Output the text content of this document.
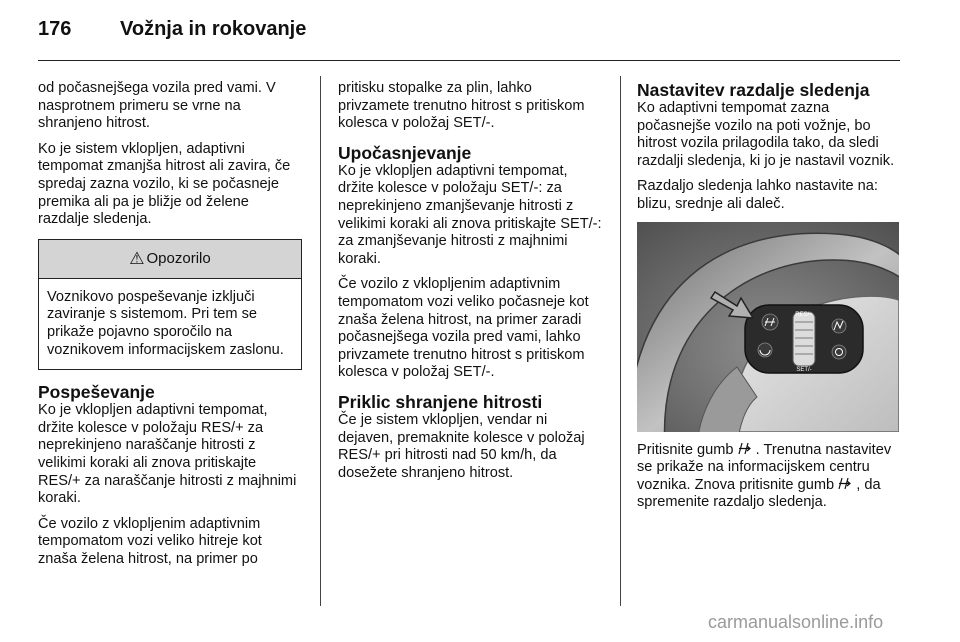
176 Vožnja in rokovanje

od počasnejšega vozila pred vami. V nasprotnem primeru se vrne na shranjeno hitrost.

Ko je sistem vklopljen, adaptivni tempomat zmanjša hitrost ali zavira, če spredaj zazna vozilo, ki se počasneje premika ali pa je bližje od želene razdalje sledenja.

⚠ Opozorilo
Voznikovo pospeševanje izključi zaviranje s sistemom. Pri tem se prikaže pojavno sporočilo na voznikovem informacijskem zaslonu.
Pospeševanje

Ko je vklopljen adaptivni tempomat, držite kolesce v položaju RES/+ za neprekinjeno naraščanje hitrosti z velikimi koraki ali znova pritiskajte RES/+ za naraščanje hitrosti z majhnimi koraki.

Če vozilo z vklopljenim adaptivnim tempomatom vozi veliko hitreje kot znaša želena hitrost, na primer po

pritisku stopalke za plin, lahko privzamete trenutno hitrost s pritiskom kolesca v položaj SET/-.

Upočasnjevanje

Ko je vklopljen adaptivni tempomat, držite kolesce v položaju SET/-: za neprekinjeno zmanjševanje hitrosti z velikimi koraki ali znova pritiskajte SET/-: za zmanjševanje hitrosti z majhnimi koraki.

Če vozilo z vklopljenim adaptivnim tempomatom vozi veliko počasneje kot znaša želena hitrost, na primer zaradi počasnejšega vozila pred vami, lahko privzamete trenutno hitrost s pritiskom kolesca v položaj SET/-.

Priklic shranjene hitrosti

Če je sistem vklopljen, vendar ni dejaven, premaknite kolesce v položaj RES/+ pri hitrosti nad 50 km/h, da dosežete shranjeno hitrost.

Nastavitev razdalje sledenja

Ko adaptivni tempomat zazna počasnejše vozilo na poti vožnje, bo hitrost vozila prilagodila tako, da sledi razdalji sledenja, ki jo je nastavil voznik.

Razdaljo sledenja lahko nastavite na: blizu, srednje ali daleč.

RES/+
SET/-

Pritisnite gumb  . Trenutna nastavitev se prikaže na informacijskem centru voznika. Znova pritisnite gumb  , da spremenite razdaljo sledenja.

carmanualsonline.info
